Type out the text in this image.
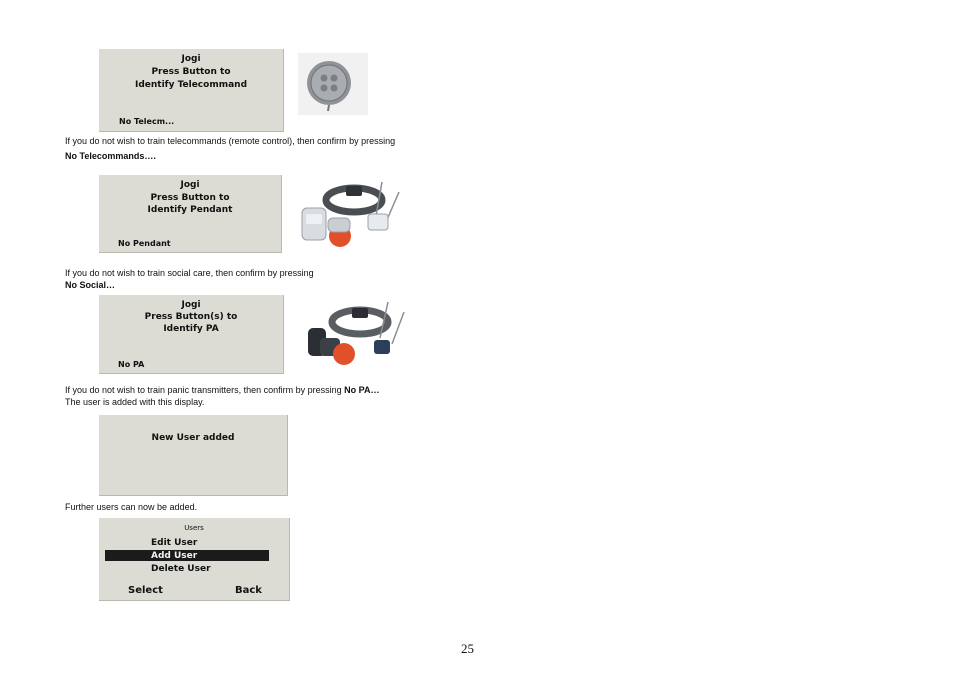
Jogi
Press Button to
Identify Telecommand
No Telecm...
If you do not wish to train telecommands (remote control), then confirm by pressing
No Telecommands….
Jogi
Press Button to
Identify Pendant
No Pendant
If you do not wish to train social care, then confirm by pressing
No Social…
Jogi
Press Button(s) to
Identify PA
No PA
If you do not wish to train panic transmitters, then confirm by pressing No PA…
The user is added with this display.
New User added
Further users can now be added.
Users
Edit User
Add User
Delete User
Select	Back
25
